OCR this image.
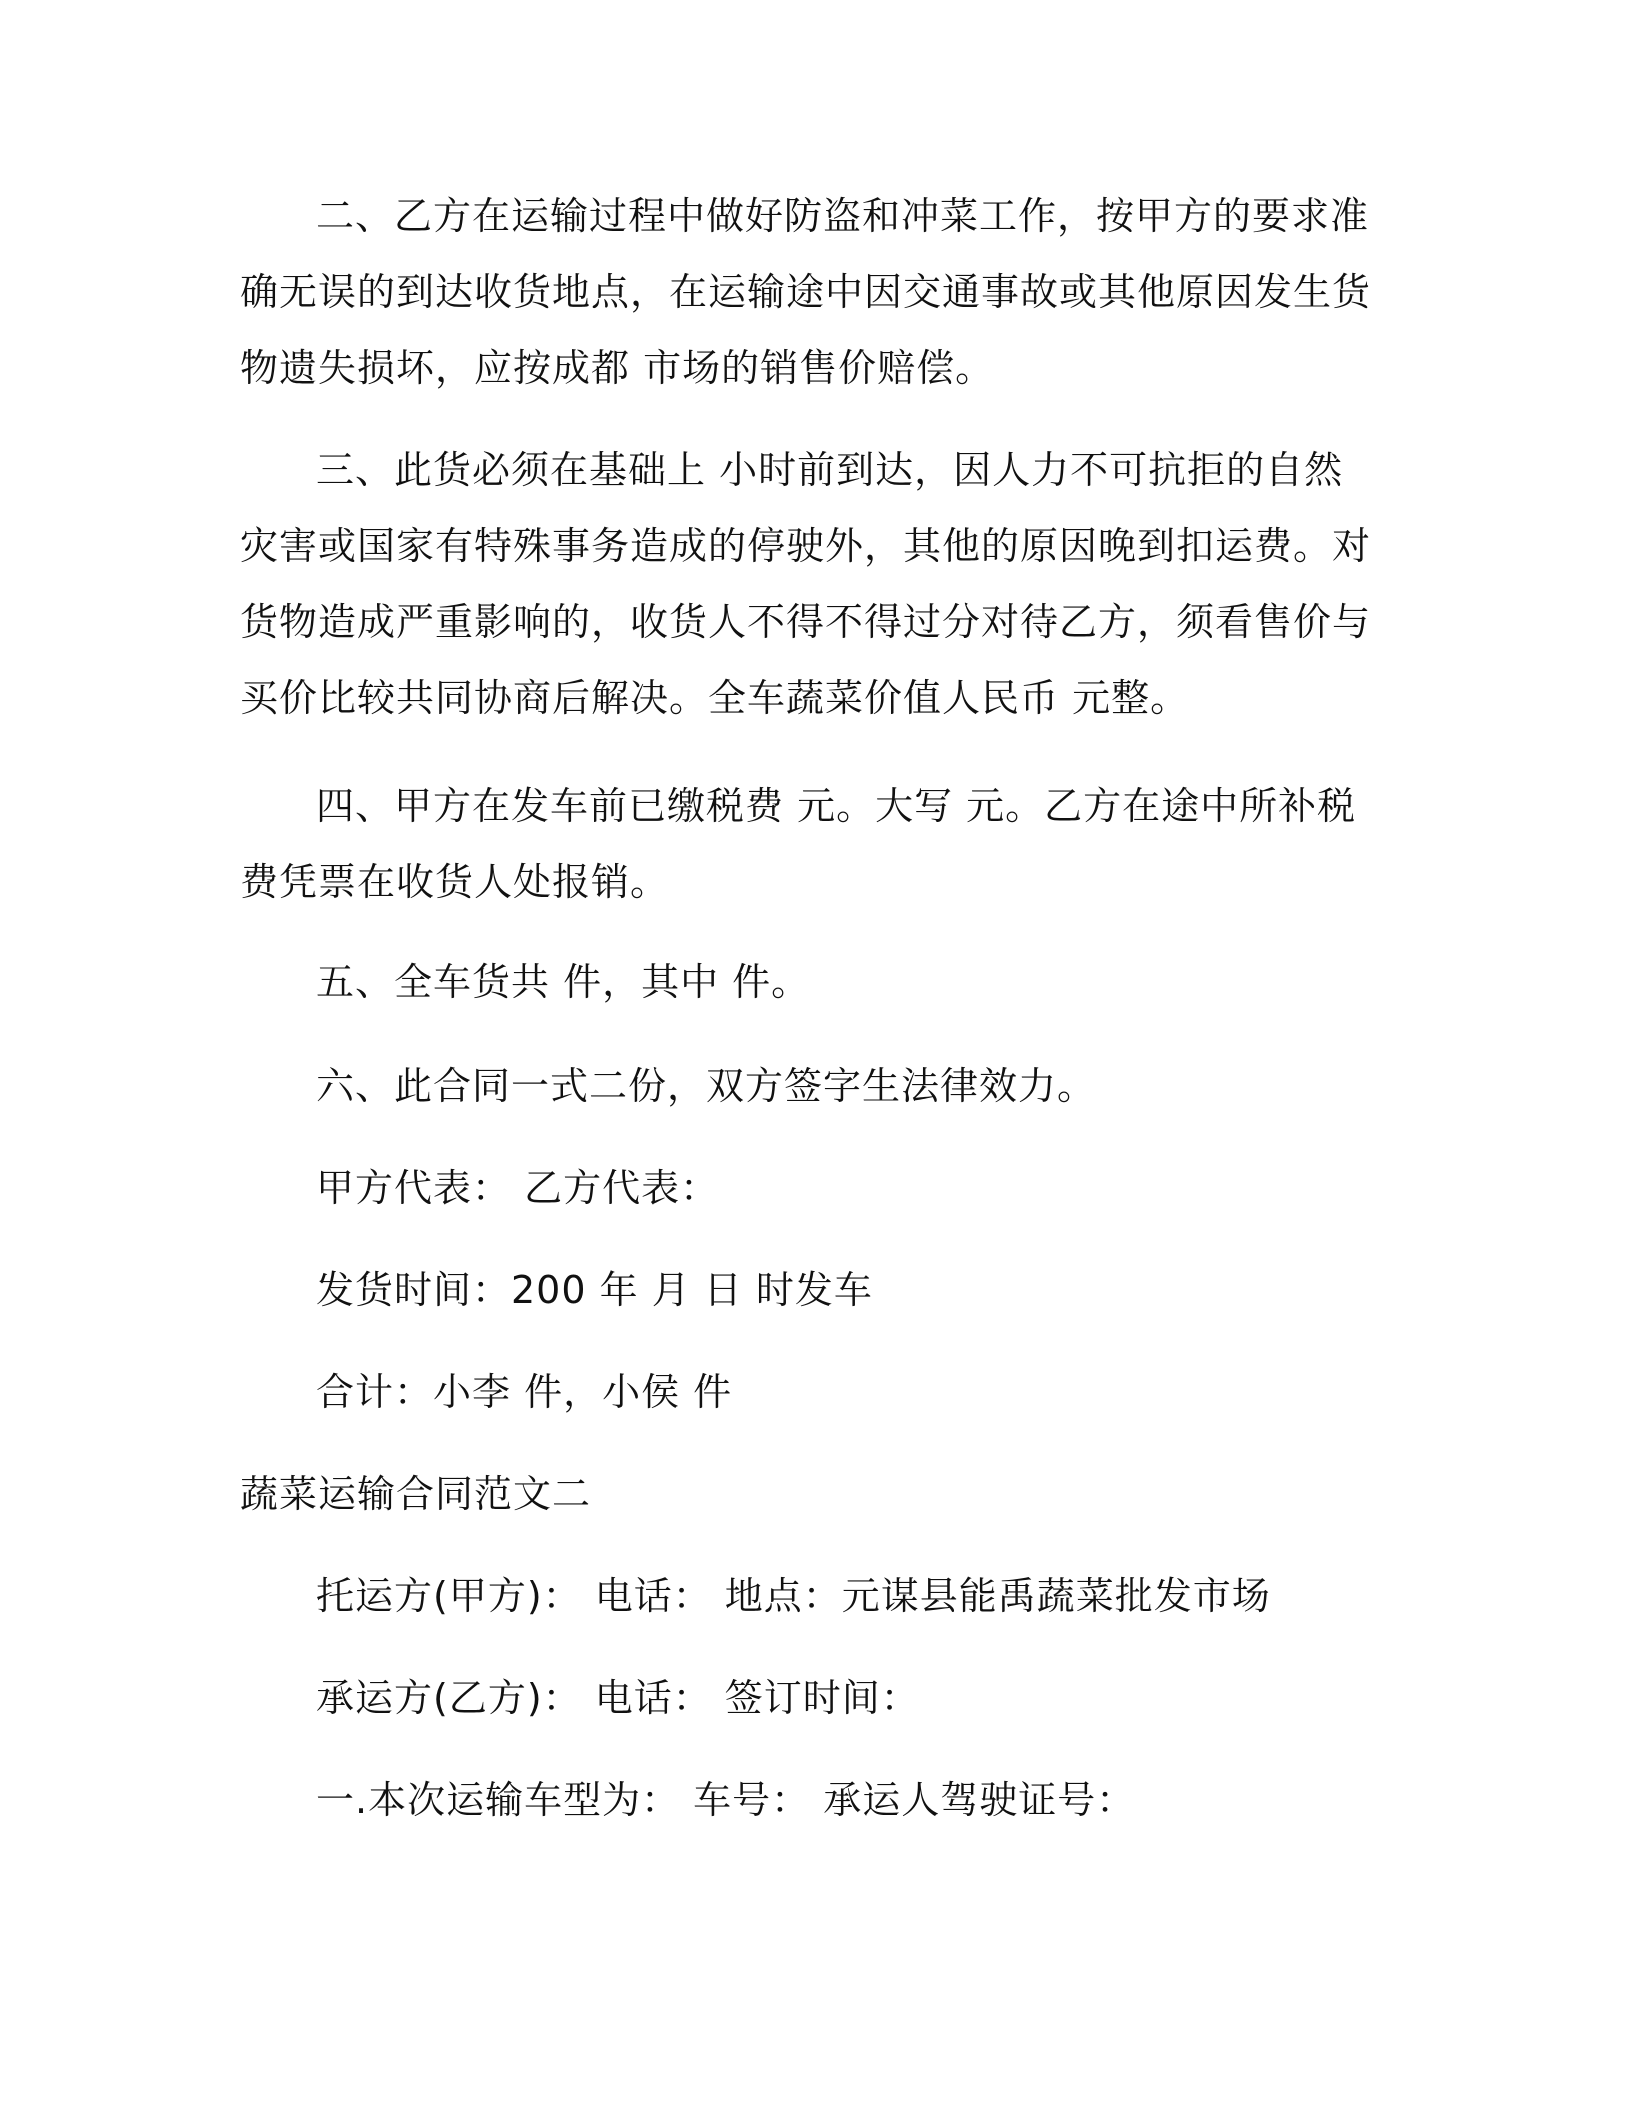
二、乙方在运输过程中做好防盗和冲菜工作，按甲方的要求准确无误的到达收货地点，在运输途中因交通事故或其他原因发生货物遗失损坏，应按成都 市场的销售价赔偿。

三、此货必须在基础上 小时前到达，因人力不可抗拒的自然灾害或国家有特殊事务造成的停驶外，其他的原因晚到扣运费。对货物造成严重影响的，收货人不得不得过分对待乙方，须看售价与买价比较共同协商后解决。全车蔬菜价值人民币 元整。

四、甲方在发车前已缴税费 元。大写 元。乙方在途中所补税费凭票在收货人处报销。

五、全车货共 件，其中 件。

六、此合同一式二份，双方签字生法律效力。

甲方代表： 乙方代表：

发货时间：200 年 月 日 时发车

合计：小李 件，小侯 件

蔬菜运输合同范文二

托运方(甲方)： 电话： 地点：元谋县能禹蔬菜批发市场

承运方(乙方)： 电话： 签订时间：

一.本次运输车型为： 车号： 承运人驾驶证号：
